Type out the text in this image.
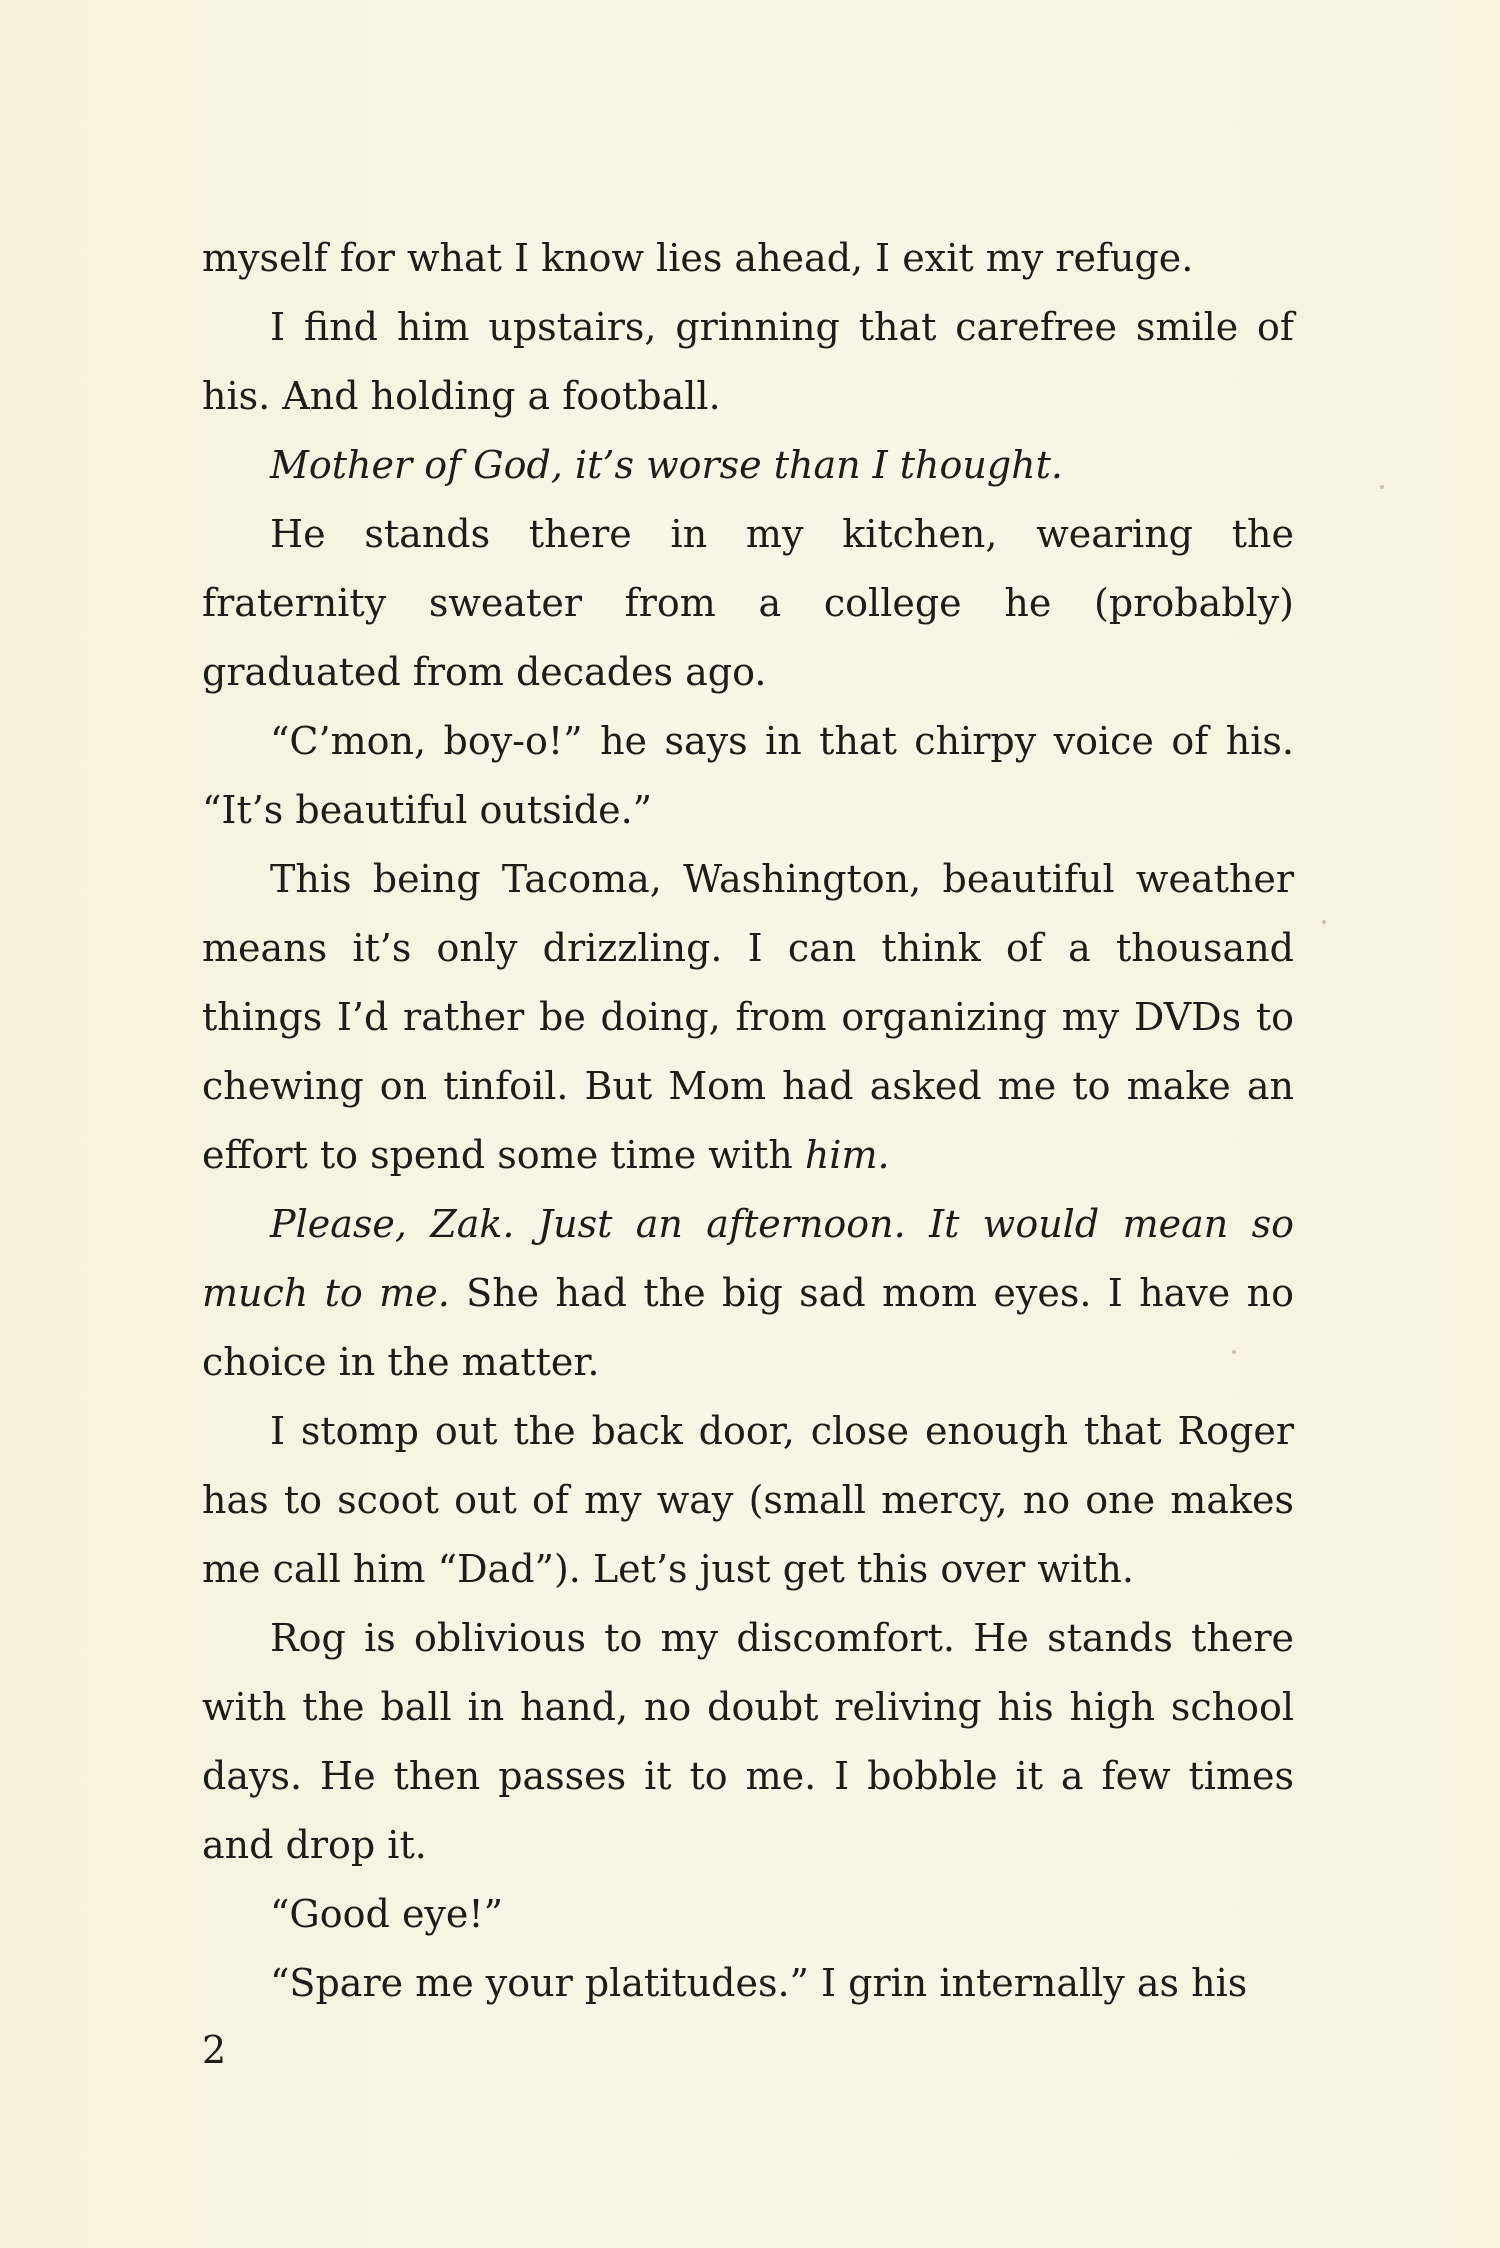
myself for what I know lies ahead, I exit my refuge.

I find him upstairs, grinning that carefree smile of his. And holding a football.

Mother of God, it’s worse than I thought.

He stands there in my kitchen, wearing the fraternity sweater from a college he (probably) graduated from decades ago.

“C’mon, boy-o!” he says in that chirpy voice of his. “It’s beautiful outside.”

This being Tacoma, Washington, beautiful weather means it’s only drizzling. I can think of a thousand things I’d rather be doing, from organizing my DVDs to chewing on tinfoil. But Mom had asked me to make an effort to spend some time with him.

Please, Zak. Just an afternoon. It would mean so much to me. She had the big sad mom eyes. I have no choice in the matter.

I stomp out the back door, close enough that Roger has to scoot out of my way (small mercy, no one makes me call him “Dad”). Let’s just get this over with.

Rog is oblivious to my discomfort. He stands there with the ball in hand, no doubt reliving his high school days. He then passes it to me. I bobble it a few times and drop it.

“Good eye!”

“Spare me your platitudes.” I grin internally as his

2
